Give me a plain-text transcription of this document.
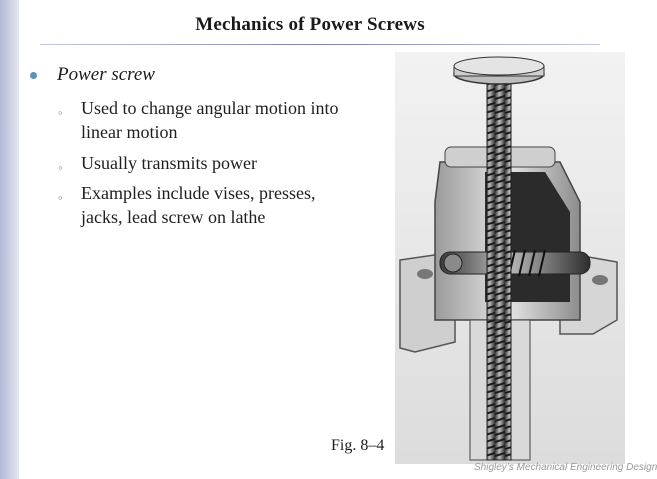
Mechanics of Power Screws
Power screw
◦ Used to change angular motion into
linear motion
◦ Usually transmits power
◦ Examples include vises, presses,
jacks, lead screw on lathe
Fig. 8–4
Shigley’s Mechanical Engineering Design
